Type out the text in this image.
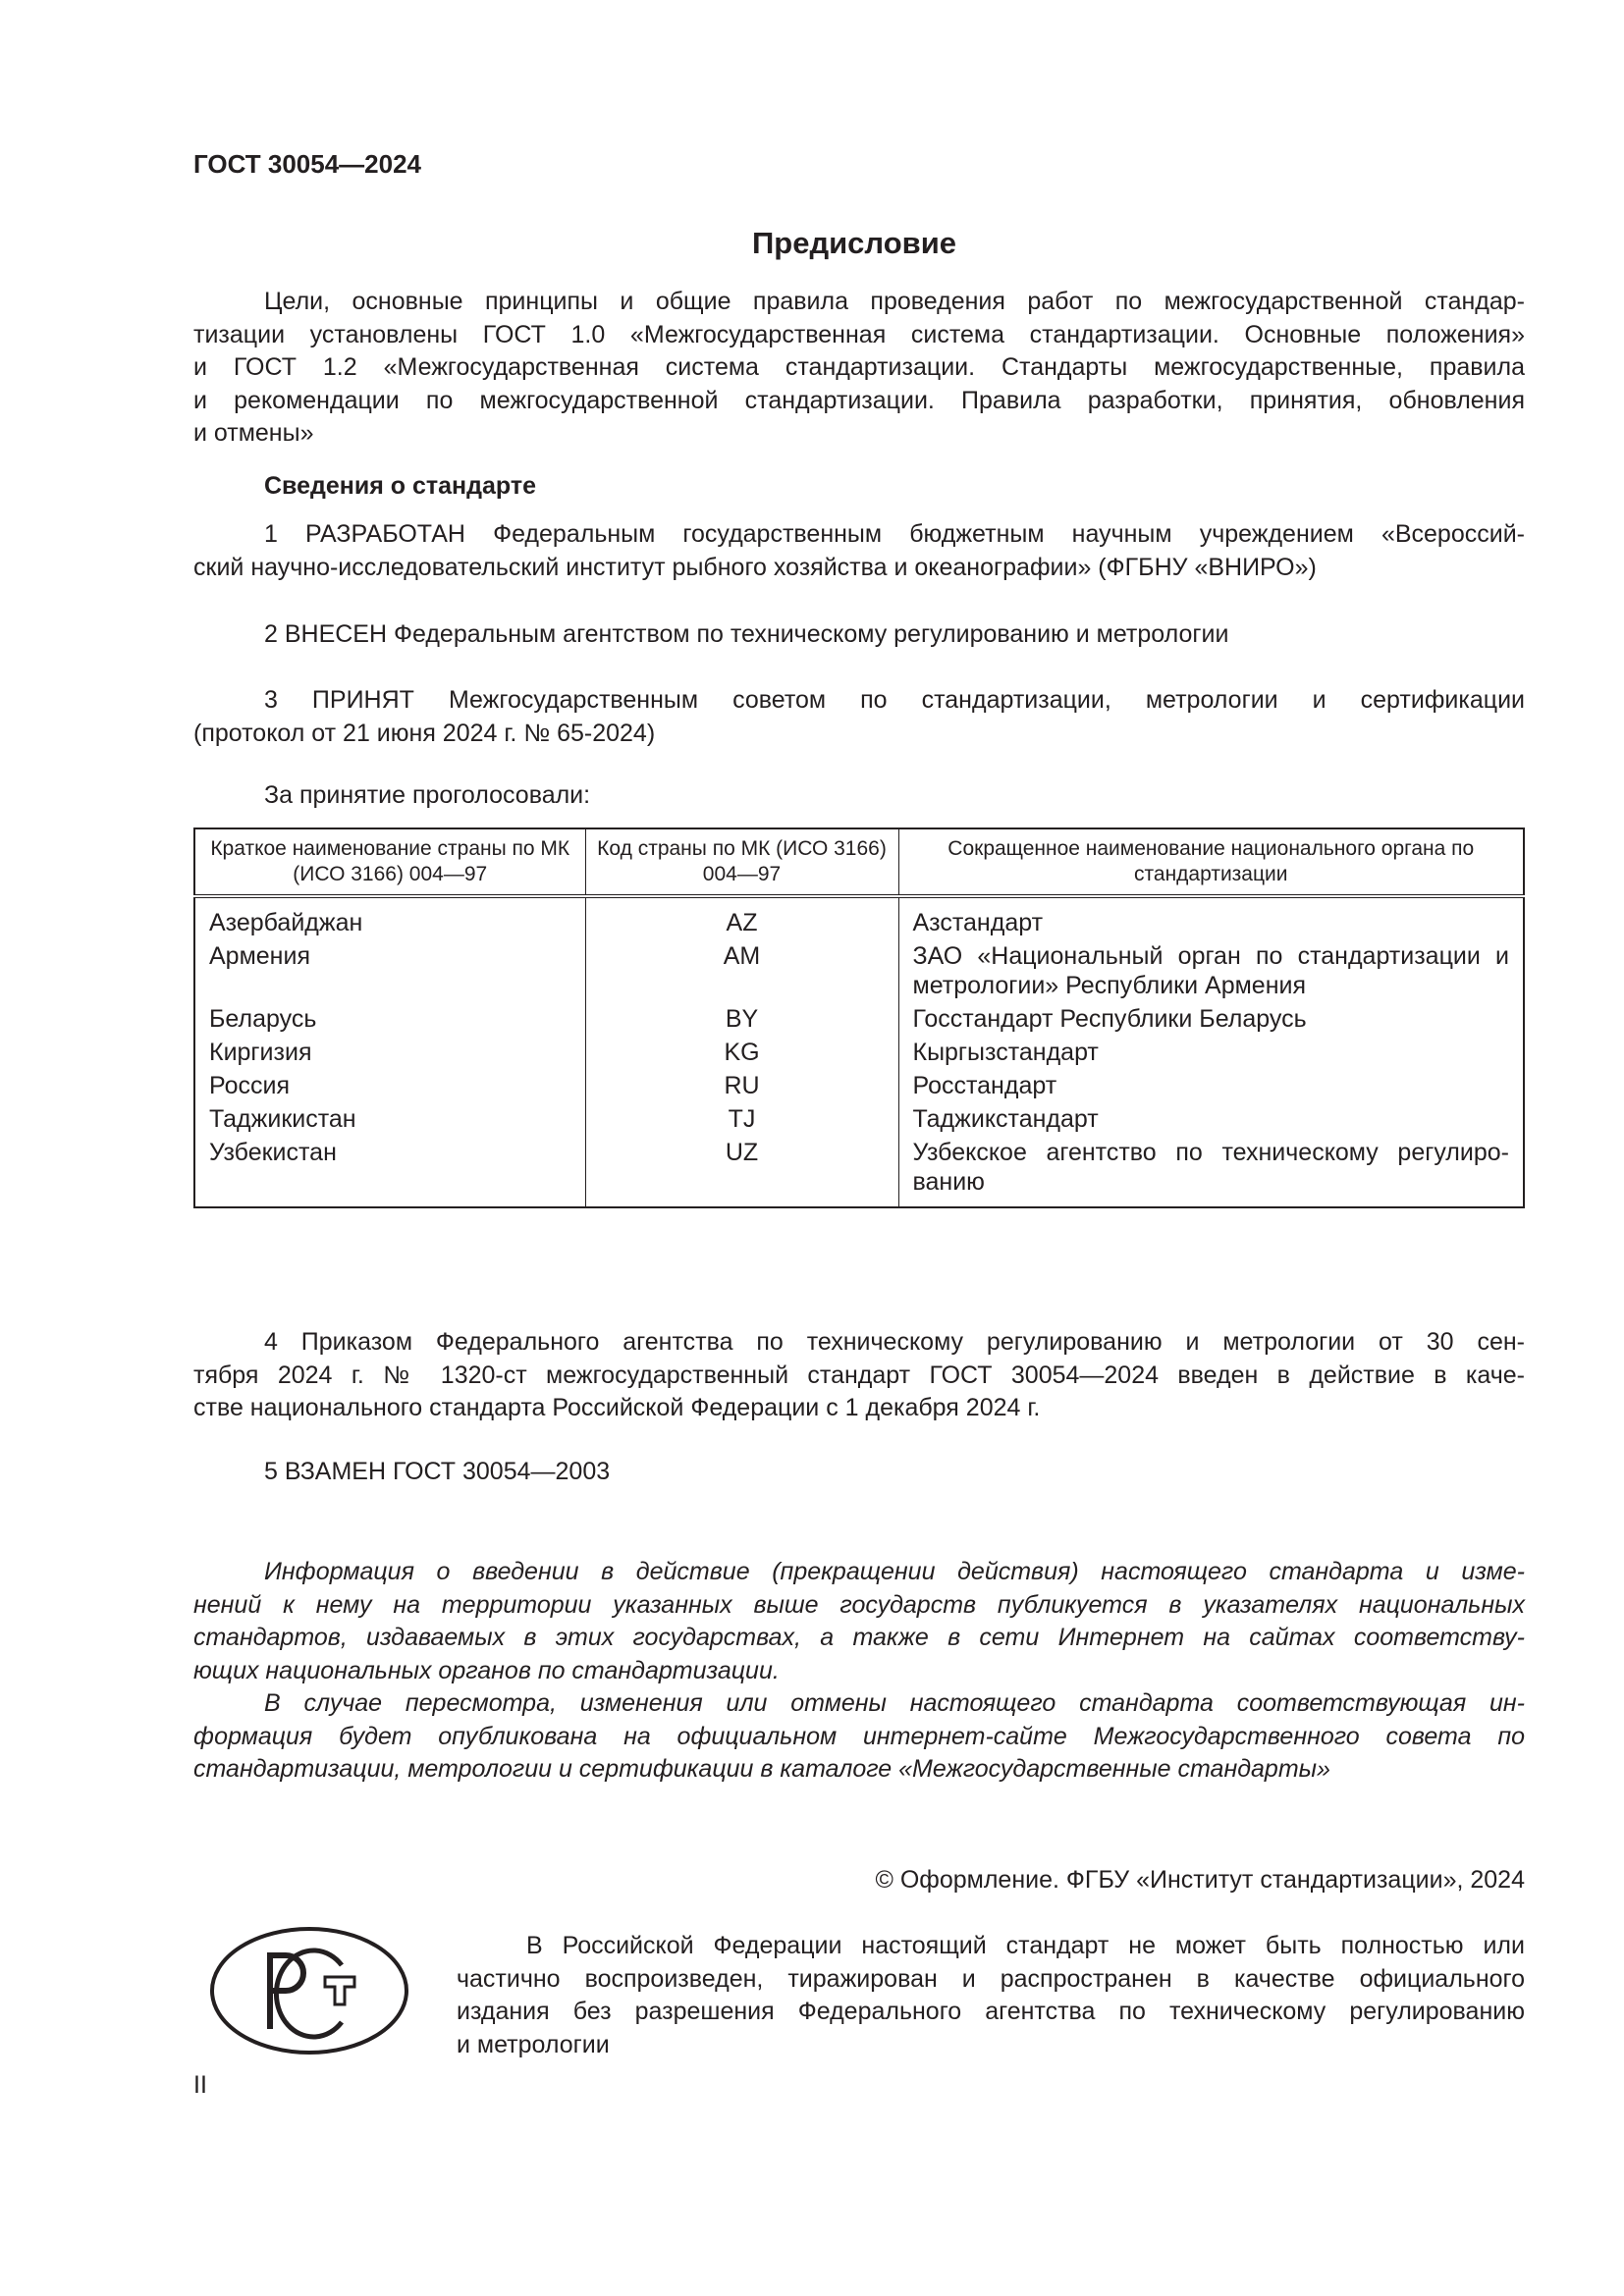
ГОСТ 30054—2024
Предисловие
Цели, основные принципы и общие правила проведения работ по межгосударственной стандар-
тизации установлены ГОСТ 1.0 «Межгосударственная система стандартизации. Основные положения»
и ГОСТ 1.2 «Межгосударственная система стандартизации. Стандарты межгосударственные, правила
и рекомендации по межгосударственной стандартизации. Правила разработки, принятия, обновления
и отмены»
Сведения о стандарте
1 РАЗРАБОТАН Федеральным государственным бюджетным научным учреждением «Всероссий-
ский научно-исследовательский институт рыбного хозяйства и океанографии» (ФГБНУ «ВНИРО»)
2 ВНЕСЕН Федеральным агентством по техническому регулированию и метрологии
3 ПРИНЯТ Межгосударственным советом по стандартизации, метрологии и сертификации
(протокол от 21 июня 2024 г. № 65-2024)
За принятие проголосовали:
Краткое наименование страны по МК (ИСО 3166) 004—97	Код страны по МК (ИСО 3166) 004—97	Сокращенное наименование национального органа по стандартизации
Азербайджан	AZ	Азстандарт
Армения	AM	ЗАО «Национальный орган по стандартизации и метрологии» Республики Армения
Беларусь	BY	Госстандарт Республики Беларусь
Киргизия	KG	Кыргызстандарт
Россия	RU	Росстандарт
Таджикистан	TJ	Таджикстандарт
Узбекистан	UZ	Узбекское агентство по техническому регулиро-ванию
4 Приказом Федерального агентства по техническому регулированию и метрологии от 30 сен-
тября 2024 г. № 1320-ст межгосударственный стандарт ГОСТ 30054—2024 введен в действие в каче-
стве национального стандарта Российской Федерации с 1 декабря 2024 г.
5 ВЗАМЕН ГОСТ 30054—2003
Информация о введении в действие (прекращении действия) настоящего стандарта и изме-
нений к нему на территории указанных выше государств публикуется в указателях национальных
стандартов, издаваемых в этих государствах, а также в сети Интернет на сайтах соответству-
ющих национальных органов по стандартизации.
В случае пересмотра, изменения или отмены настоящего стандарта соответствующая ин-
формация будет опубликована на официальном интернет-сайте Межгосударственного совета по
стандартизации, метрологии и сертификации в каталоге «Межгосударственные стандарты»
© Оформление. ФГБУ «Институт стандартизации», 2024
В Российской Федерации настоящий стандарт не может быть полностью или
частично воспроизведен, тиражирован и распространен в качестве официального
издания без разрешения Федерального агентства по техническому регулированию
и метрологии
II
